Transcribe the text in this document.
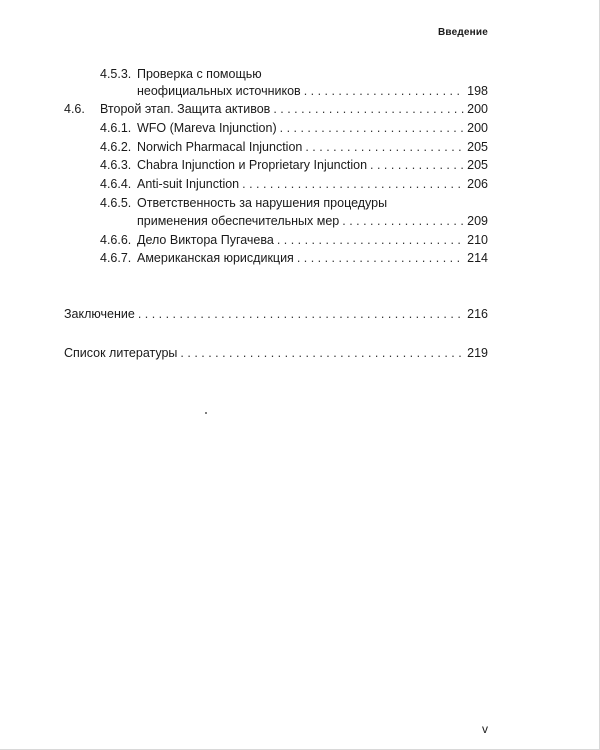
Введение
4.5.3. Проверка с помощью
неофициальных источников . . .	198
4.6. Второй этап. Защита активов . . .	200
4.6.1. WFO (Mareva Injunction) . . .	200
4.6.2. Norwich Pharmacal Injunction . . .	205
4.6.3. Chabra Injunction и Proprietary Injunction . . .	205
4.6.4. Anti-suit Injunction . . .	206
4.6.5. Ответственность за нарушения процедуры
применения обеспечительных мер . . .	209
4.6.6. Дело Виктора Пугачева . . .	210
4.6.7. Американская юрисдикция . . .	214
Заключение . . .	216
Список литературы . . .	219
v
